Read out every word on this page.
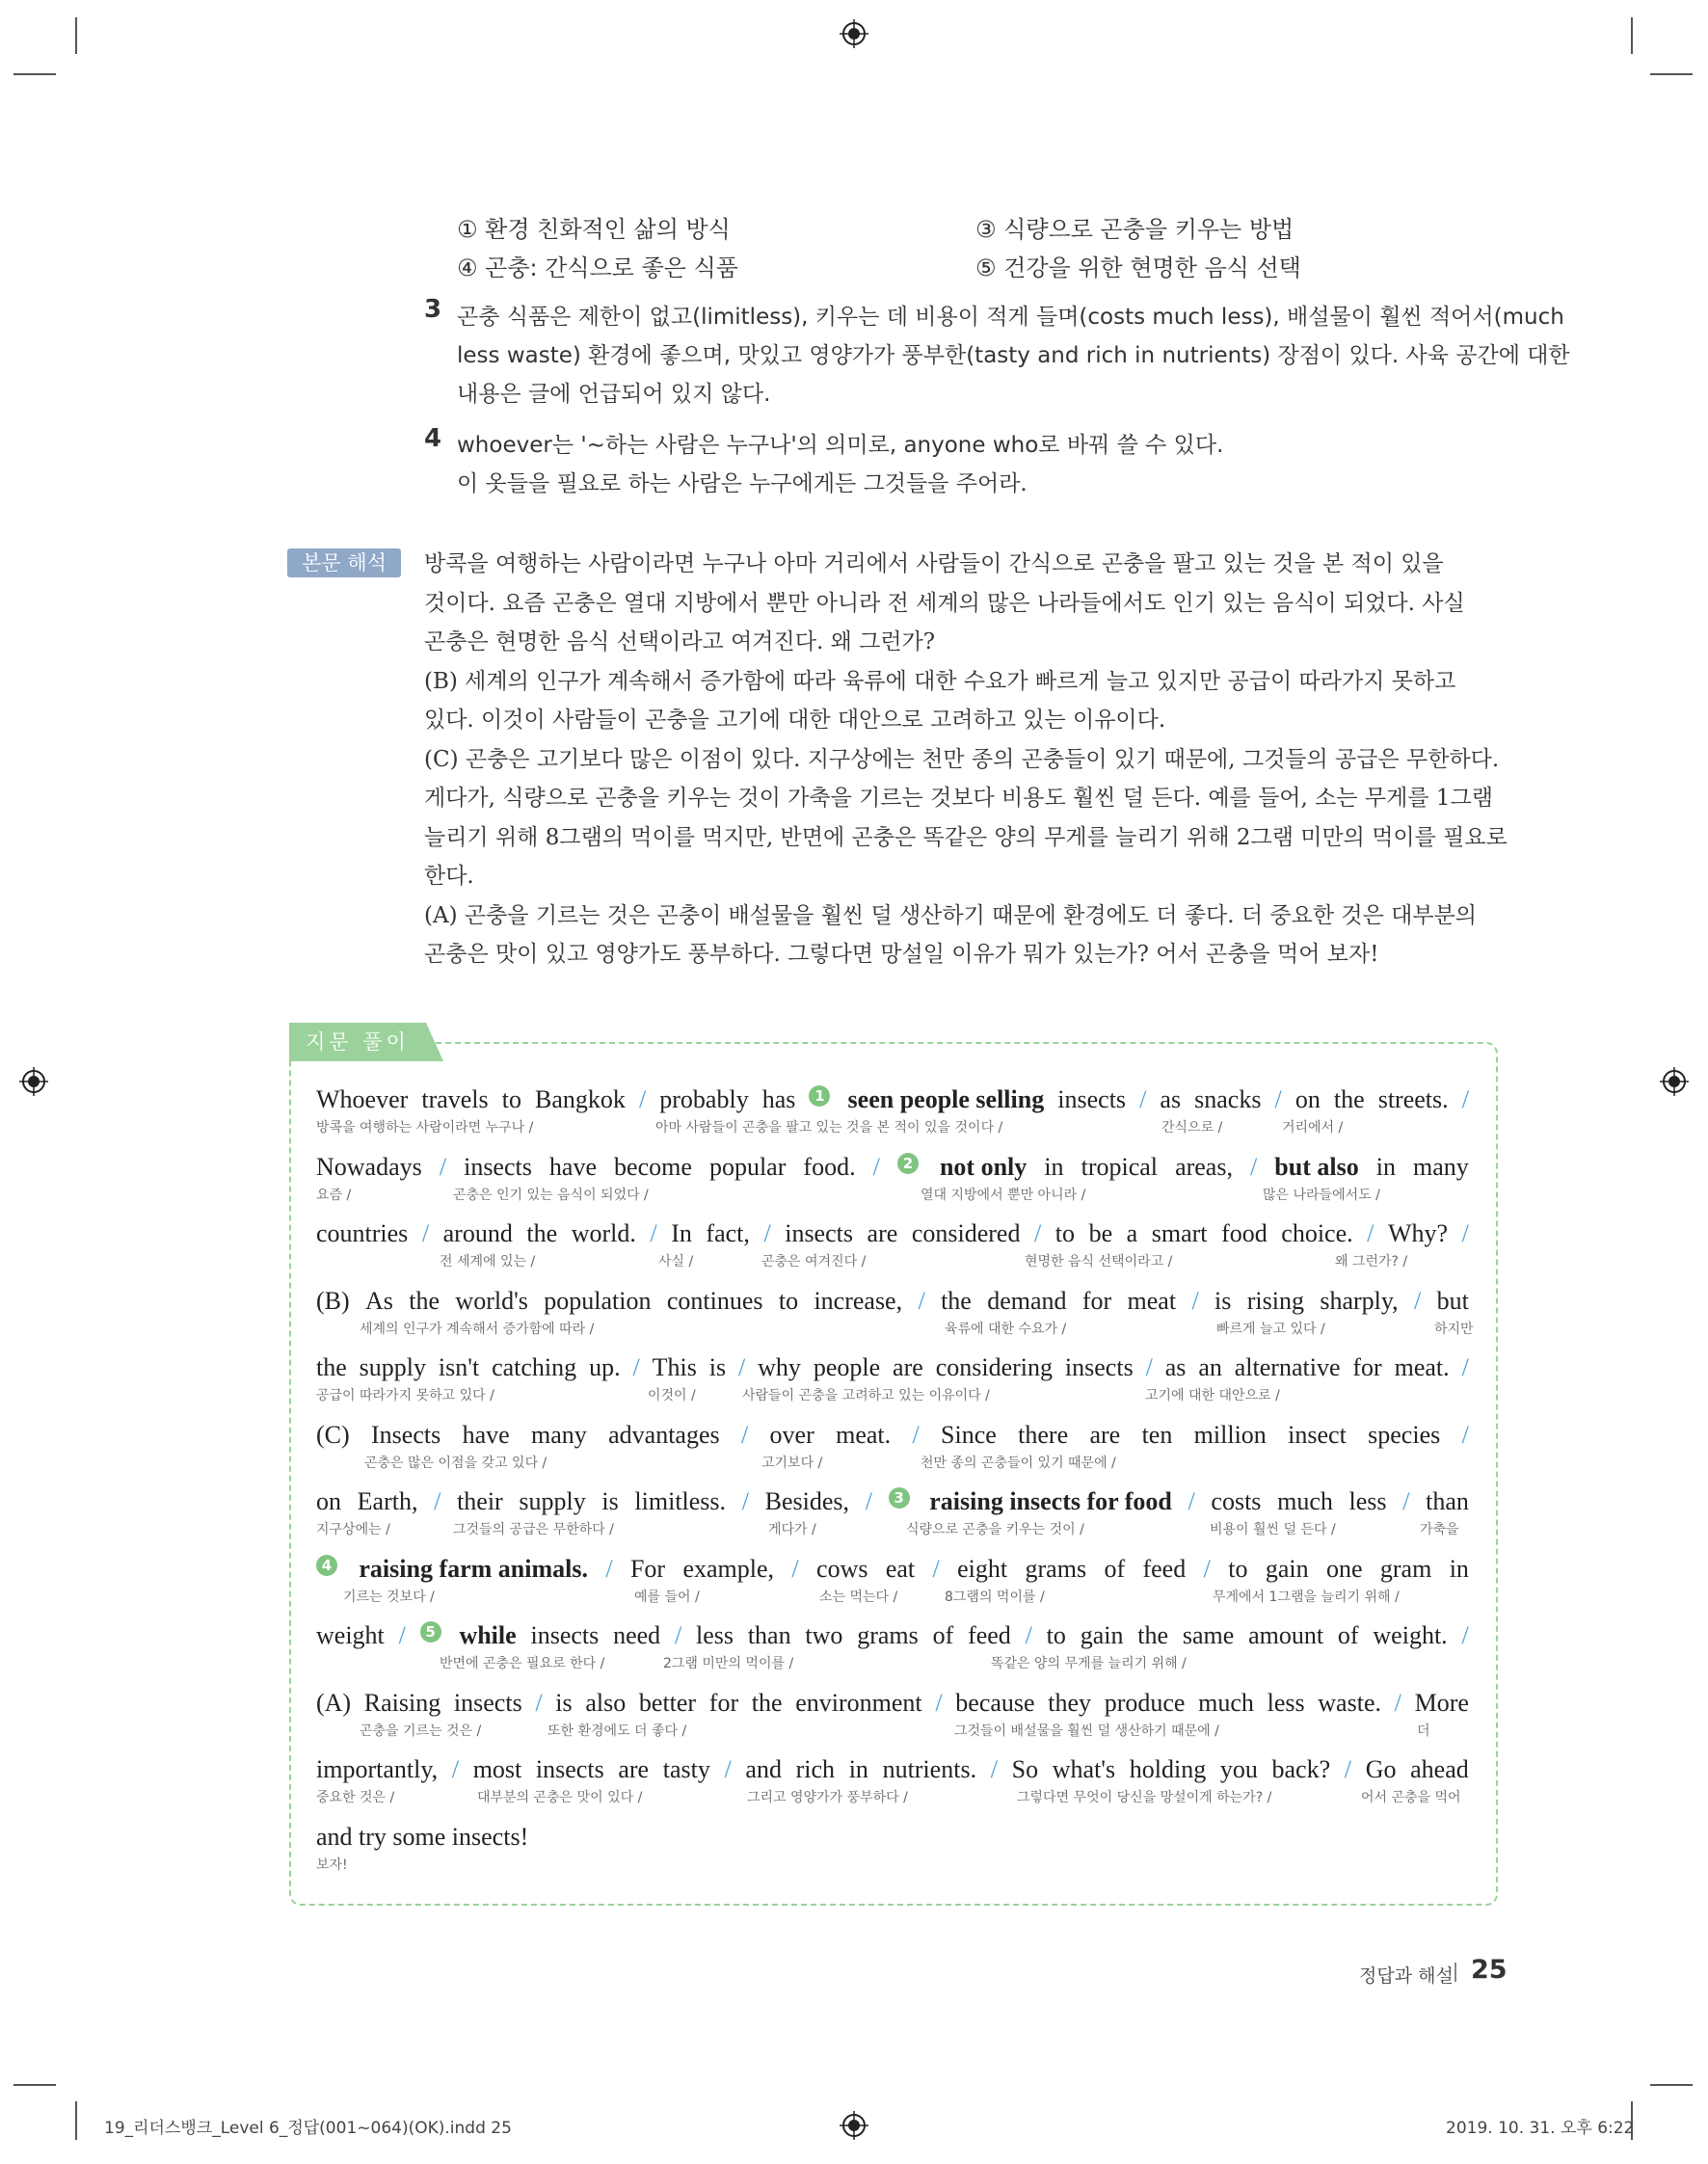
① 환경 친화적인 삶의 방식	③ 식량으로 곤충을 키우는 방법
④ 곤충: 간식으로 좋은 식품	⑤ 건강을 위한 현명한 음식 선택
3 곤충 식품은 제한이 없고(limitless), 키우는 데 비용이 적게 들며(costs much less), 배설물이 훨씬 적어서(much
less waste) 환경에 좋으며, 맛있고 영양가가 풍부한(tasty and rich in nutrients) 장점이 있다. 사육 공간에 대한
내용은 글에 언급되어 있지 않다.
4 whoever는 '~하는 사람은 누구나'의 의미로, anyone who로 바꿔 쓸 수 있다.
이 옷들을 필요로 하는 사람은 누구에게든 그것들을 주어라.
본문 해석	방콕을 여행하는 사람이라면 누구나 아마 거리에서 사람들이 간식으로 곤충을 팔고 있는 것을 본 적이 있을
것이다. 요즘 곤충은 열대 지방에서 뿐만 아니라 전 세계의 많은 나라들에서도 인기 있는 음식이 되었다. 사실
곤충은 현명한 음식 선택이라고 여겨진다. 왜 그런가?
(B) 세계의 인구가 계속해서 증가함에 따라 육류에 대한 수요가 빠르게 늘고 있지만 공급이 따라가지 못하고
있다. 이것이 사람들이 곤충을 고기에 대한 대안으로 고려하고 있는 이유이다.
(C) 곤충은 고기보다 많은 이점이 있다. 지구상에는 천만 종의 곤충들이 있기 때문에, 그것들의 공급은 무한하다.
게다가, 식량으로 곤충을 키우는 것이 가축을 기르는 것보다 비용도 훨씬 덜 든다. 예를 들어, 소는 무게를 1그램
늘리기 위해 8그램의 먹이를 먹지만, 반면에 곤충은 똑같은 양의 무게를 늘리기 위해 2그램 미만의 먹이를 필요로
한다.
(A) 곤충을 기르는 것은 곤충이 배설물을 훨씬 덜 생산하기 때문에 환경에도 더 좋다. 더 중요한 것은 대부분의
곤충은 맛이 있고 영양가도 풍부하다. 그렇다면 망설일 이유가 뭐가 있는가? 어서 곤충을 먹어 보자!
지문 풀이
Whoever travels to Bangkok / probably has	1 seen people selling insects / as snacks / on the streets. /
방콕을 여행하는 사람이라면 누구나 /	아마 사람들이 곤충을 팔고 있는 것을 본 적이 있을 것이다 /	간식으로 /	거리에서 /
Nowadays / insects have become popular food. /	2 not only in tropical areas, / but also in many
요즘 /	곤충은 인기 있는 음식이 되었다 /	열대 지방에서 뿐만 아니라 /	많은 나라들에서도 /
countries / around the world. / In fact, / insects are considered / to be a smart food choice. / Why? /
전 세계에 있는 /	사실 /	곤충은 여겨진다 /	현명한 음식 선택이라고 /	왜 그런가? /
(B) As the world's population continues to increase, / the demand for meat / is rising sharply, / but
세계의 인구가 계속해서 증가함에 따라 /	육류에 대한 수요가 /	빠르게 늘고 있다 /	하지만
the supply isn't catching up. / This is / why people are considering insects / as an alternative for meat. /
공급이 따라가지 못하고 있다 /	이것이 /	사람들이 곤충을 고려하고 있는 이유이다 /	고기에 대한 대안으로 /
(C) Insects have many advantages / over meat. / Since there are ten million insect species /
곤충은 많은 이점을 갖고 있다 /	고기보다 /	천만 종의 곤충들이 있기 때문에 /
on Earth, / their supply is limitless. / Besides, /	3 raising insects for food / costs much less / than
지구상에는 /	그것들의 공급은 무한하다 /	게다가 /	식량으로 곤충을 키우는 것이 /	비용이 훨씬 덜 든다 /	가축을
4 raising farm animals. / For example, / cows eat / eight grams of feed / to gain one gram in
기르는 것보다 /	예를 들어 /	소는 먹는다 /	8그램의 먹이를 /	무게에서 1그램을 늘리기 위해 /
weight /	5 while insects need / less than two grams of feed / to gain the same amount of weight. /
반면에 곤충은 필요로 한다 /	2그램 미만의 먹이를 /	똑같은 양의 무게를 늘리기 위해 /
(A) Raising insects / is also better for the environment / because they produce much less waste. / More
곤충을 기르는 것은 /	또한 환경에도 더 좋다 /	그것들이 배설물을 훨씬 덜 생산하기 때문에 /	더
importantly, / most insects are tasty / and rich in nutrients. / So what's holding you back? / Go ahead
중요한 것은 /	대부분의 곤충은 맛이 있다 /	그리고 영양가가 풍부하다 /	그렇다면 무엇이 당신을 망설이게 하는가? /	어서 곤충을 먹어
and try some insects!
보자!
정답과 해설 25
19_리더스뱅크_Level 6_정답(001~064)(OK).indd 25	2019. 10. 31. 오후 6:22
